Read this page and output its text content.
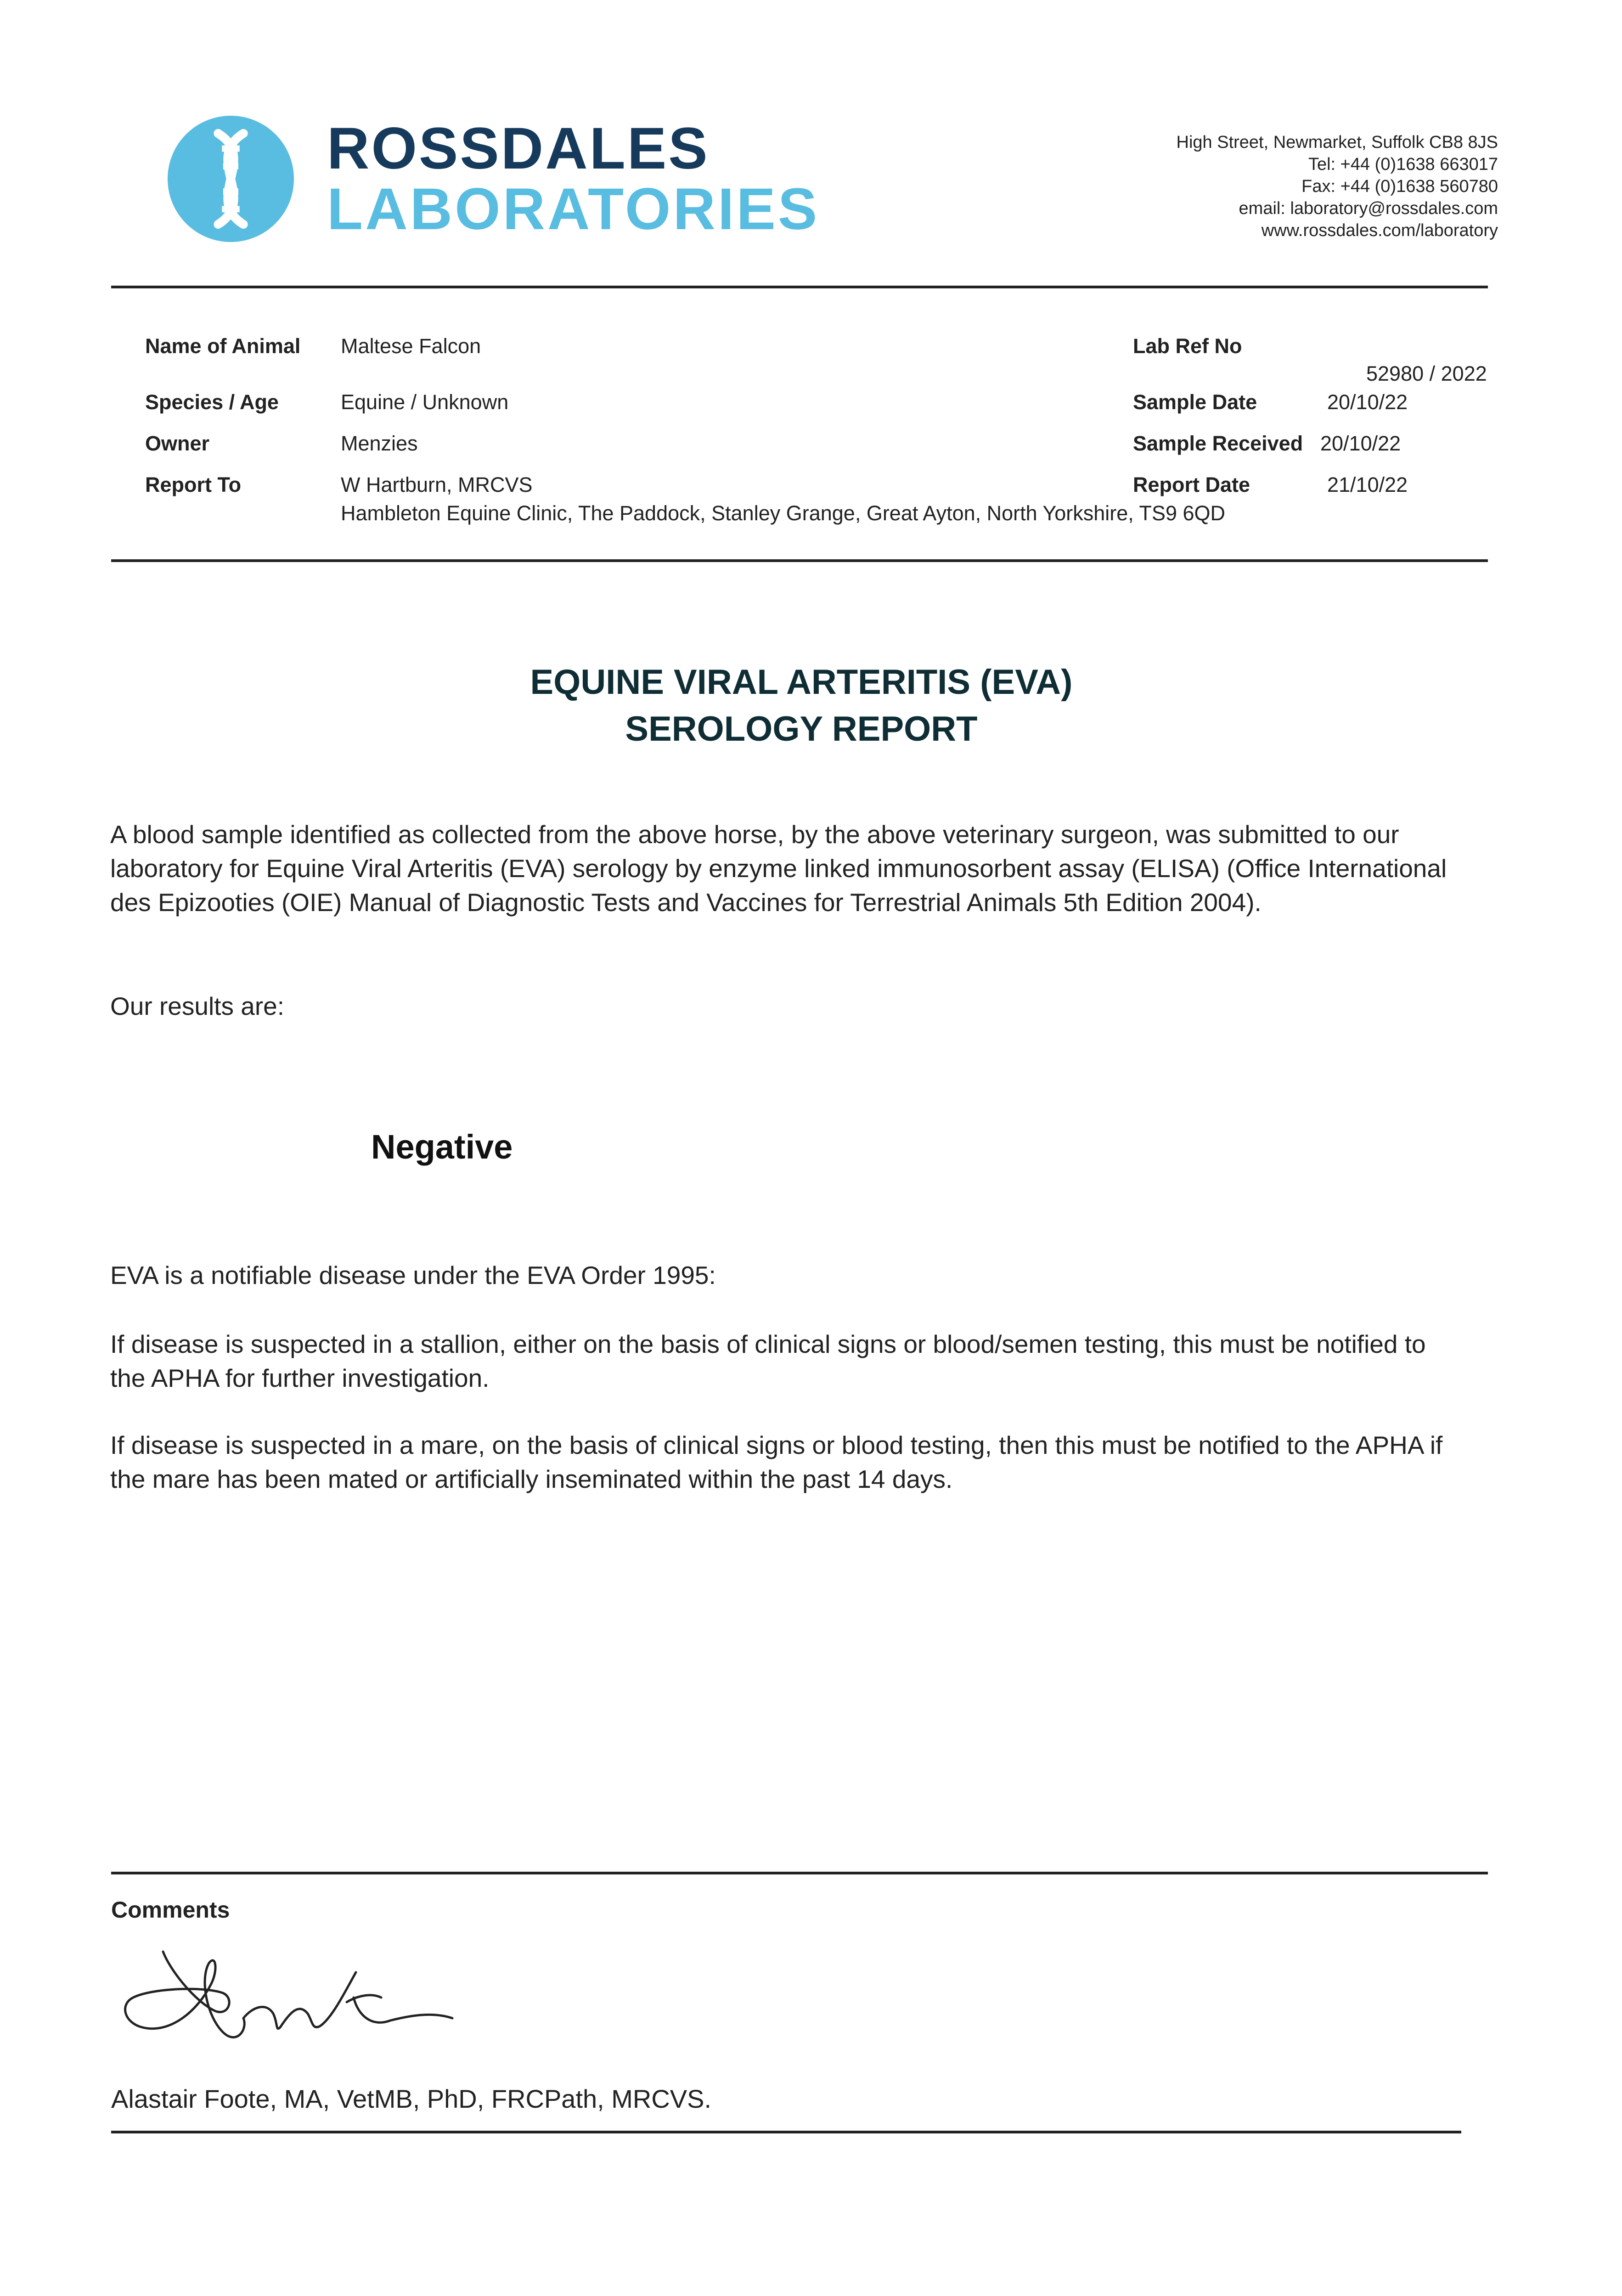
ROSSDALES
LABORATORIES
High Street, Newmarket, Suffolk CB8 8JS
Tel: +44 (0)1638 663017
Fax: +44 (0)1638 560780
email: laboratory@rossdales.com
www.rossdales.com/laboratory
Name of Animal Maltese Falcon
Species / Age	Equine / Unknown
Owner	Menzies
Report To	W Hartburn, MRCVS
Hambleton Equine Clinic, The Paddock, Stanley Grange, Great Ayton, North Yorkshire, TS9 6QD
Lab Ref No
52980 / 2022
Sample Date	20/10/22
Sample Received 20/10/22
Report Date	21/10/22
EQUINE VIRAL ARTERITIS (EVA)
SEROLOGY REPORT
A blood sample identified as collected from the above horse, by the above veterinary surgeon, was submitted to our laboratory for Equine Viral Arteritis (EVA) serology by enzyme linked immunosorbent assay (ELISA) (Office International des Epizooties (OIE) Manual of Diagnostic Tests and Vaccines for Terrestrial Animals 5th Edition 2004).
Our results are:
Negative
EVA is a notifiable disease under the EVA Order 1995:
If disease is suspected in a stallion, either on the basis of clinical signs or blood/semen testing, this must be notified to the APHA for further investigation.
If disease is suspected in a mare, on the basis of clinical signs or blood testing, then this must be notified to the APHA if the mare has been mated or artificially inseminated within the past 14 days.
Comments
Alastair Foote, MA, VetMB, PhD, FRCPath, MRCVS.
